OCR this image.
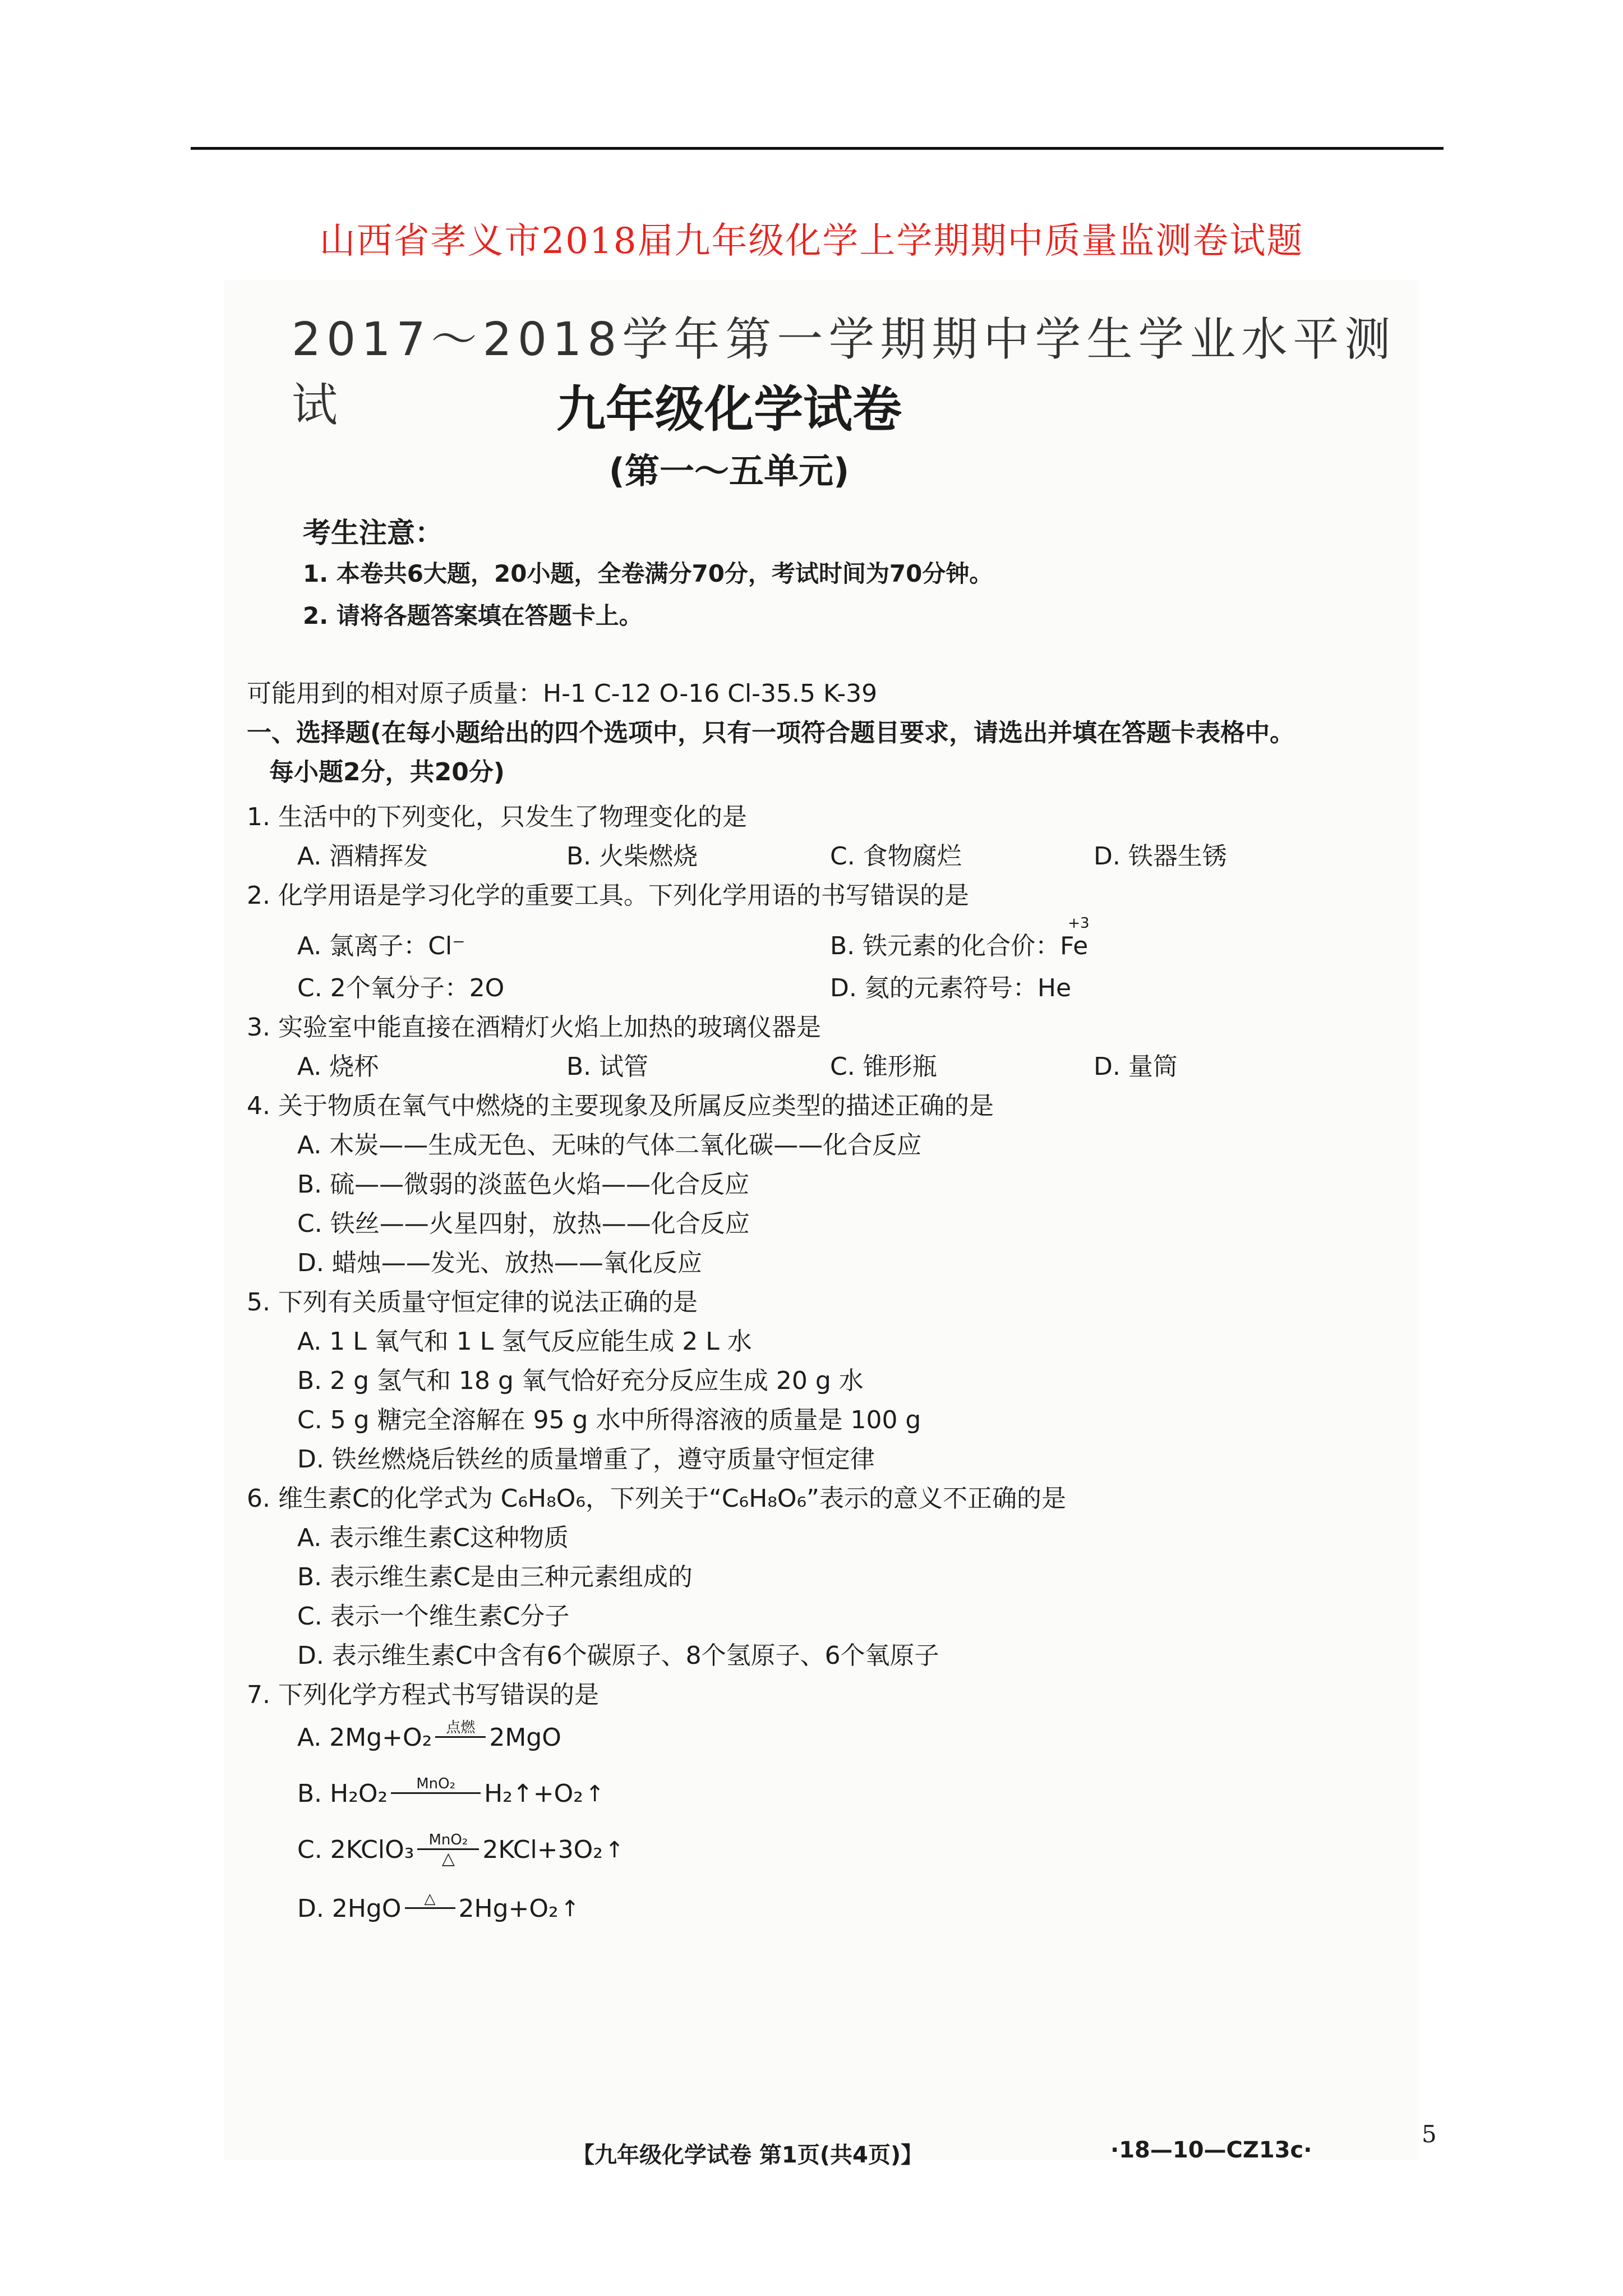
山西省孝义市2018届九年级化学上学期期中质量监测卷试题
2017～2018学年第一学期期中学生学业水平测试	九年级化学试卷
(第一～五单元)
考生注意：
1. 本卷共6大题，20小题，全卷满分70分，考试时间为70分钟。
2. 请将各题答案填在答题卡上。
可能用到的相对原子质量：H-1 C-12 O-16 Cl-35.5 K-39
一、选择题(在每小题给出的四个选项中，只有一项符合题目要求，请选出并填在答题卡表格中。
每小题2分，共20分)
1. 生活中的下列变化，只发生了物理变化的是
A. 酒精挥发	B. 火柴燃烧	C. 食物腐烂	D. 铁器生锈
2. 化学用语是学习化学的重要工具。下列化学用语的书写错误的是
A. 氯离子：Cl⁻	B. 铁元素的化合价：
+3
Fe
C. 2个氧分子：2O	D. 氦的元素符号：He
3. 实验室中能直接在酒精灯火焰上加热的玻璃仪器是
A. 烧杯	B. 试管	C. 锥形瓶	D. 量筒
4. 关于物质在氧气中燃烧的主要现象及所属反应类型的描述正确的是
A. 木炭——生成无色、无味的气体二氧化碳——化合反应
B. 硫——微弱的淡蓝色火焰——化合反应
C. 铁丝——火星四射，放热——化合反应
D. 蜡烛——发光、放热——氧化反应
5. 下列有关质量守恒定律的说法正确的是
A. 1 L 氧气和 1 L 氢气反应能生成 2 L 水
B. 2 g 氢气和 18 g 氧气恰好充分反应生成 20 g 水
C. 5 g 糖完全溶解在 95 g 水中所得溶液的质量是 100 g
D. 铁丝燃烧后铁丝的质量增重了，遵守质量守恒定律
6. 维生素C的化学式为 C₆H₈O₆，下列关于“C₆H₈O₆”表示的意义不正确的是
A. 表示维生素C这种物质
B. 表示维生素C是由三种元素组成的
C. 表示一个维生素C分子
D. 表示维生素C中含有6个碳原子、8个氢原子、6个氧原子
7. 下列化学方程式书写错误的是
A. 2Mg+O₂ 点燃 2MgO
B. H₂O₂ MnO₂ H₂↑+O₂ ↑
C. 2KClO₃ $\frac{\text{MnO₂}}{\triangle} 2KCl+3O_2$ ↑
D. 2HgO △ 2Hg+O₂ ↑
【九年级化学试卷 第1页(共4页)】	·18—10—CZ13c·
5
